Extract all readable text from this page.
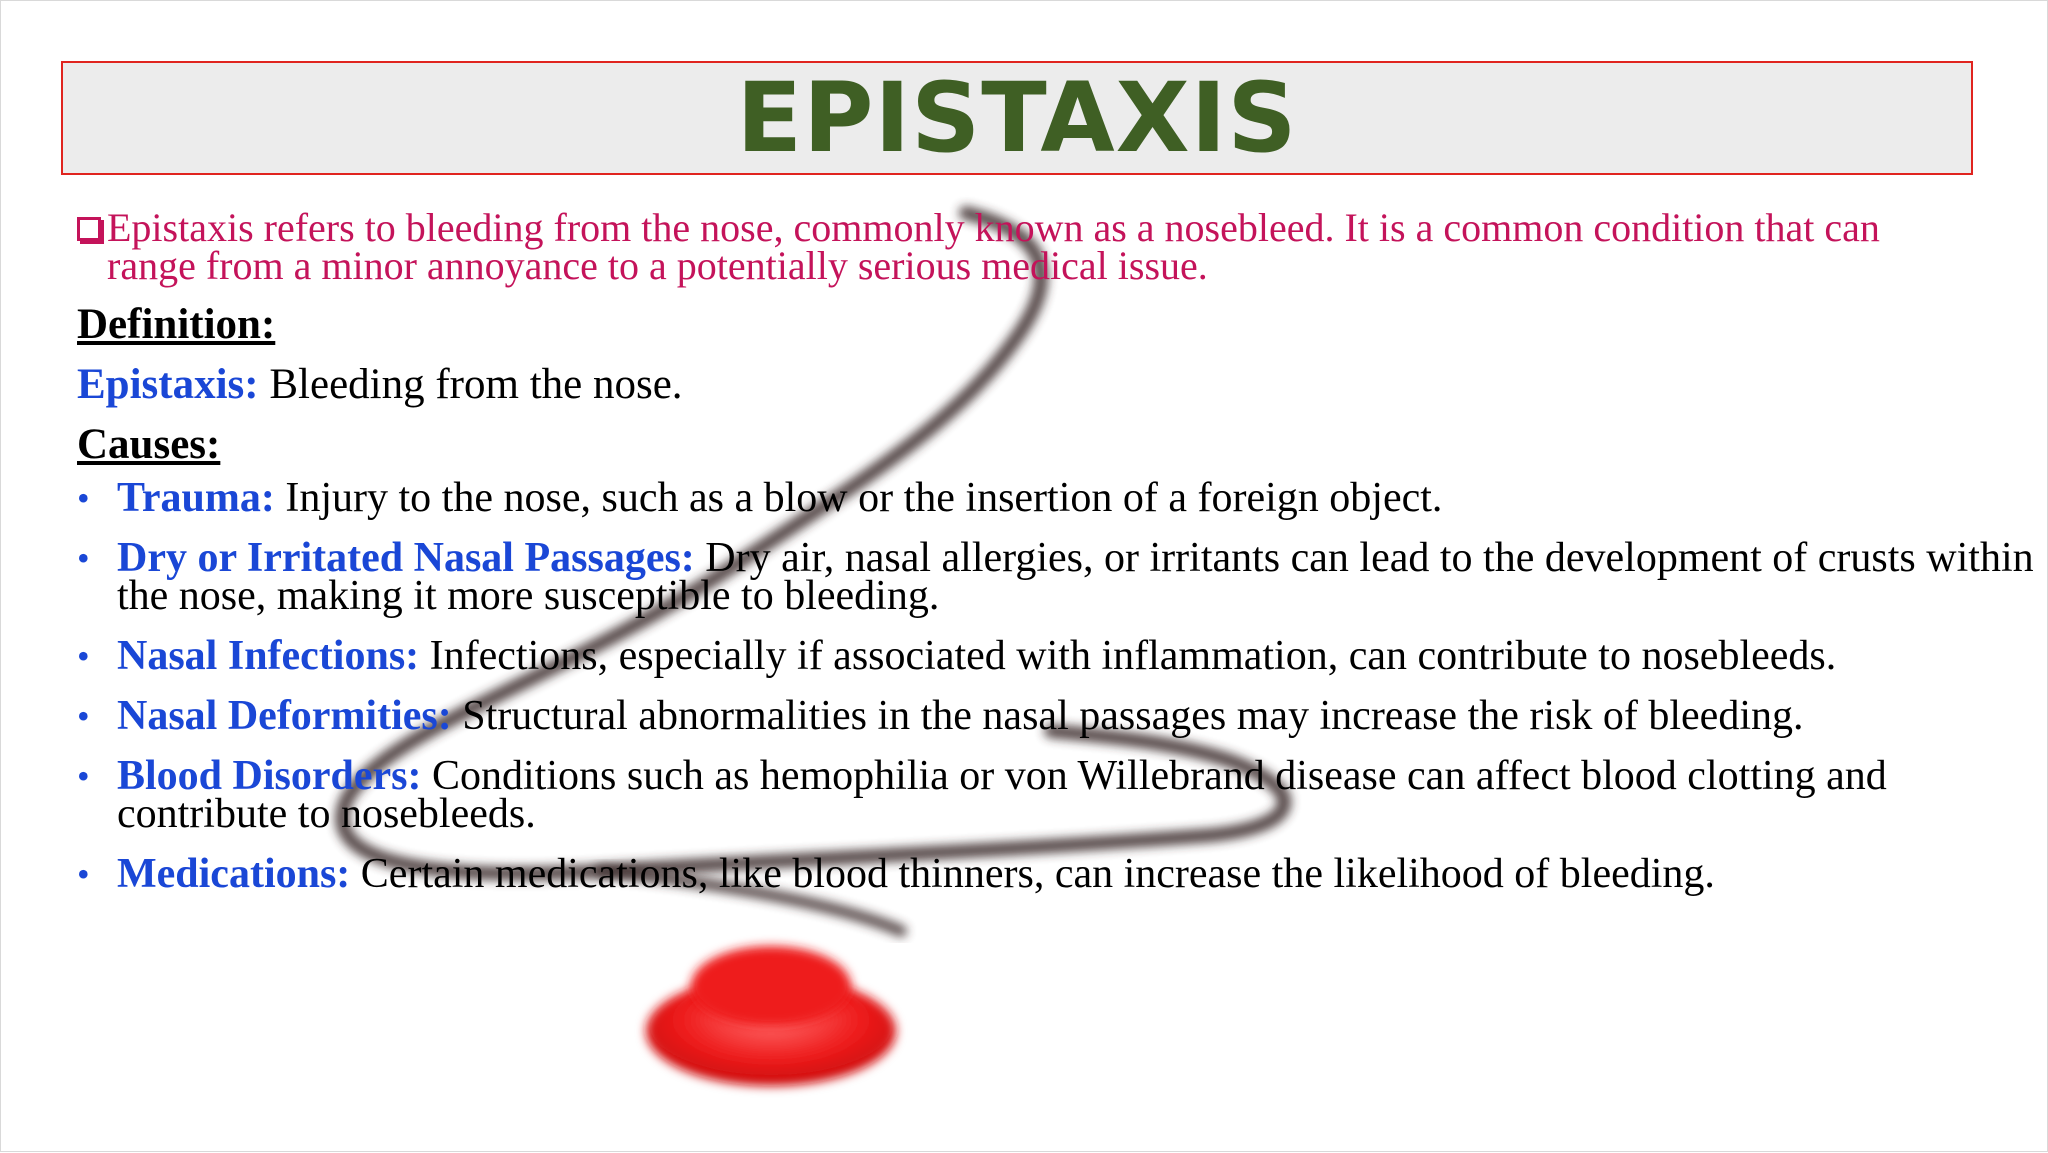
EPISTAXIS
Epistaxis refers to bleeding from the nose, commonly known as a nosebleed. It is a common condition that can range from a minor annoyance to a potentially serious medical issue.
Definition:
Epistaxis: Bleeding from the nose.
Causes:
• Trauma: Injury to the nose, such as a blow or the insertion of a foreign object.
• Dry or Irritated Nasal Passages: Dry air, nasal allergies, or irritants can lead to the development of crusts within the nose, making it more susceptible to bleeding.
• Nasal Infections: Infections, especially if associated with inflammation, can contribute to nosebleeds.
• Nasal Deformities: Structural abnormalities in the nasal passages may increase the risk of bleeding.
• Blood Disorders: Conditions such as hemophilia or von Willebrand disease can affect blood clotting and contribute to nosebleeds.
• Medications: Certain medications, like blood thinners, can increase the likelihood of bleeding.
